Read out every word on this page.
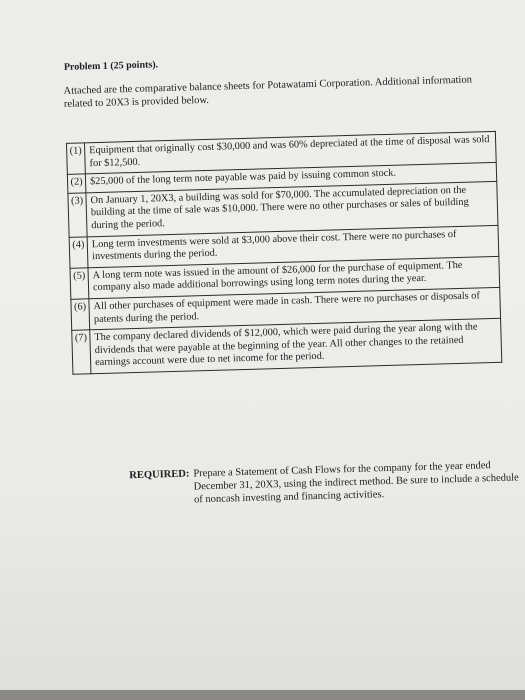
Problem 1 (25 points).
Attached are the comparative balance sheets for Potawatami Corporation. Additional information related to 20X3 is provided below.
(1)	Equipment that originally cost $30,000 and was 60% depreciated at the time of disposal was sold for $12,500.
(2)	$25,000 of the long term note payable was paid by issuing common stock.
(3)	On January 1, 20X3, a building was sold for $70,000. The accumulated depreciation on the building at the time of sale was $10,000. There were no other purchases or sales of building during the period.
(4)	Long term investments were sold at $3,000 above their cost. There were no purchases of investments during the period.
(5)	A long term note was issued in the amount of $26,000 for the purchase of equipment. The company also made additional borrowings using long term notes during the year.
(6)	All other purchases of equipment were made in cash. There were no purchases or disposals of patents during the period.
(7)	The company declared dividends of $12,000, which were paid during the year along with the dividends that were payable at the beginning of the year. All other changes to the retained earnings account were due to net income for the period.
REQUIRED: Prepare a Statement of Cash Flows for the company for the year ended December 31, 20X3, using the indirect method. Be sure to include a schedule of noncash investing and financing activities.
